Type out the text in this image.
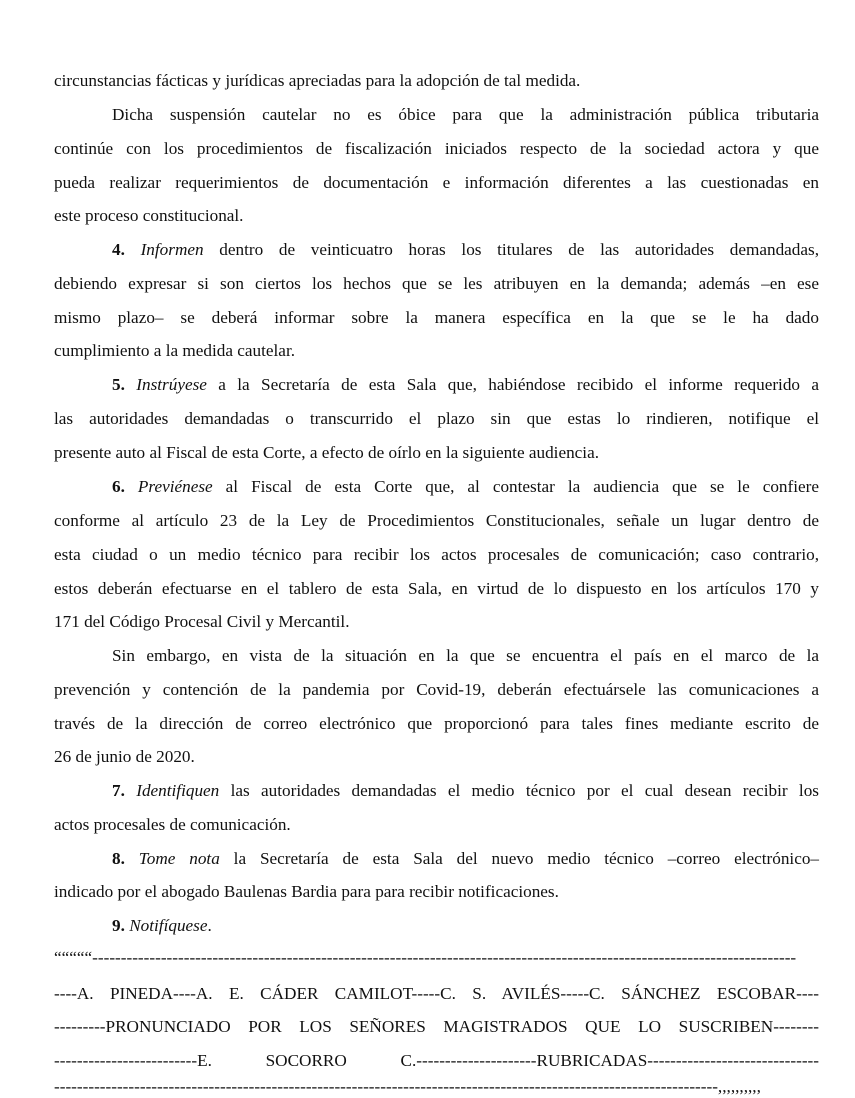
circunstancias fácticas y jurídicas apreciadas para la adopción de tal medida.

Dicha suspensión cautelar no es óbice para que la administración pública tributaria

continúe con los procedimientos de fiscalización iniciados respecto de la sociedad actora y que

pueda realizar requerimientos de documentación e información diferentes a las cuestionadas en

este proceso constitucional.

4. Informen dentro de veinticuatro horas los titulares de las autoridades demandadas,

debiendo expresar si son ciertos los hechos que se les atribuyen en la demanda; además –en ese

mismo plazo– se deberá informar sobre la manera específica en la que se le ha dado

cumplimiento a la medida cautelar.

5. Instrúyese a la Secretaría de esta Sala que, habiéndose recibido el informe requerido a

las autoridades demandadas o transcurrido el plazo sin que estas lo rindieren, notifique el

presente auto al Fiscal de esta Corte, a efecto de oírlo en la siguiente audiencia.

6. Previénese al Fiscal de esta Corte que, al contestar la audiencia que se le confiere

conforme al artículo 23 de la Ley de Procedimientos Constitucionales, señale un lugar dentro de

esta ciudad o un medio técnico para recibir los actos procesales de comunicación; caso contrario,

estos deberán efectuarse en el tablero de esta Sala, en virtud de lo dispuesto en los artículos 170 y

171 del Código Procesal Civil y Mercantil.

Sin embargo, en vista de la situación en la que se encuentra el país en el marco de la

prevención y contención de la pandemia por Covid-19, deberán efectuársele las comunicaciones a

través de la dirección de correo electrónico que proporcionó para tales fines mediante escrito de

26 de junio de 2020.

7. Identifiquen las autoridades demandadas el medio técnico por el cual desean recibir los

actos procesales de comunicación.

8. Tome nota la Secretaría de esta Sala del nuevo medio técnico –correo electrónico–

indicado por el abogado Baulenas Bardia para para recibir notificaciones.

9. Notifíquese.

“““““---------------------------------------------------------------------------------------------------------------------------

----A. PINEDA----A. E. CÁDER CAMILOT-----C. S. AVILÉS-----C. SÁNCHEZ ESCOBAR----

---------PRONUNCIADO POR LOS SEÑORES MAGISTRADOS QUE LO SUSCRIBEN--------

-------------------------E. SOCORRO C.---------------------RUBRICADAS------------------------------

--------------------------------------------------------------------------------------------------------------------,,,,,,,,,,
